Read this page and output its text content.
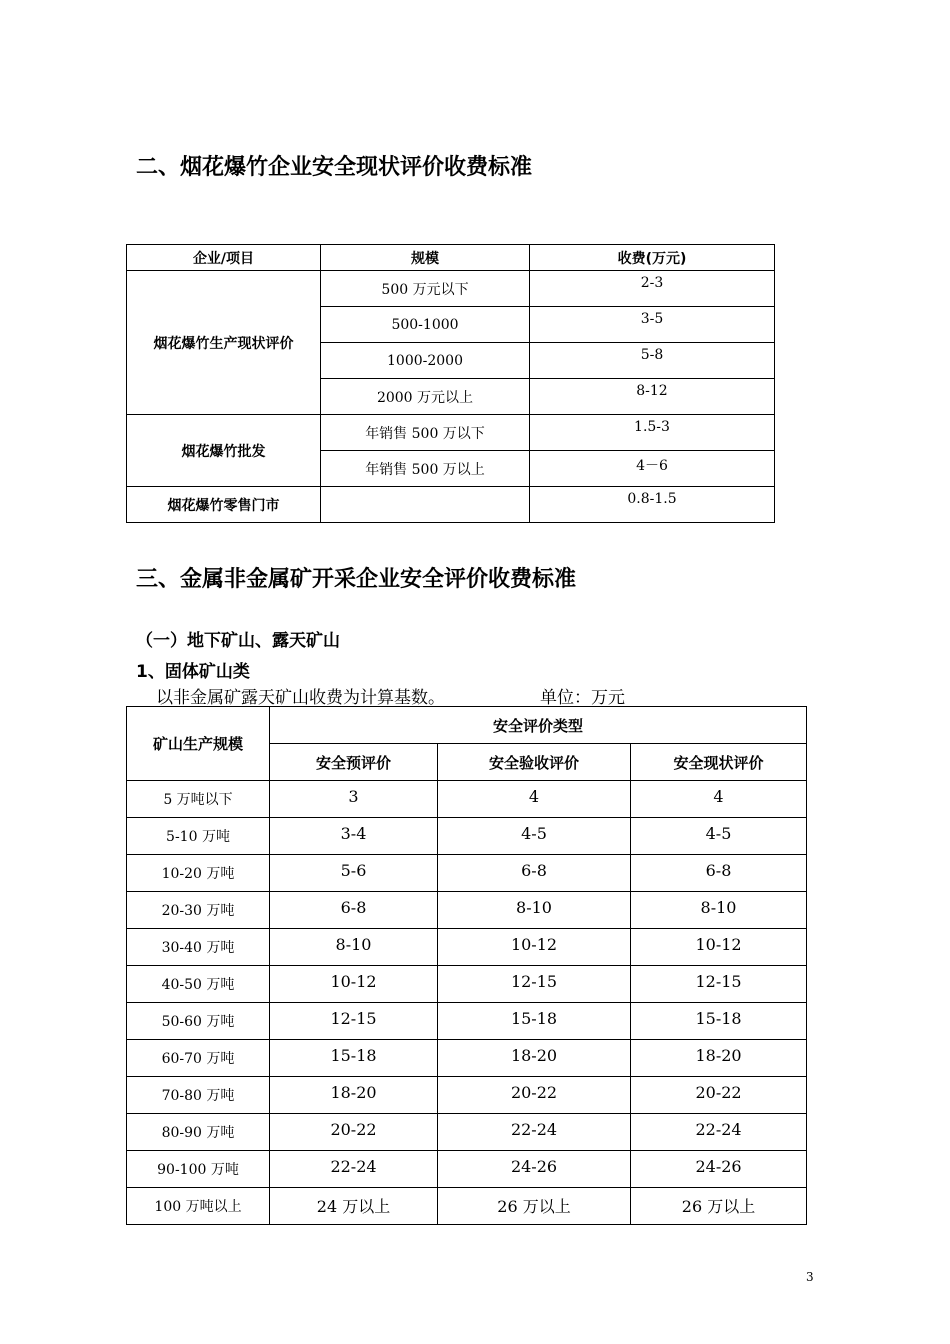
二、烟花爆竹企业安全现状评价收费标准
企业/项目	规模	收费(万元)
烟花爆竹生产现状评价	500 万元以下	2-3
	500-1000	3-5
	1000-2000	5-8
	2000 万元以上	8-12
烟花爆竹批发	年销售 500 万以下	1.5-3
	年销售 500 万以上	4－6
烟花爆竹零售门市		0.8-1.5
三、金属非金属矿开采企业安全评价收费标准
（一）地下矿山、露天矿山
1、固体矿山类
以非金属矿露天矿山收费为计算基数。	单位：万元
矿山生产规模	安全评价类型		
	安全预评价	安全验收评价	安全现状评价
5 万吨以下	3	4	4
5-10 万吨	3-4	4-5	4-5
10-20 万吨	5-6	6-8	6-8
20-30 万吨	6-8	8-10	8-10
30-40 万吨	8-10	10-12	10-12
40-50 万吨	10-12	12-15	12-15
50-60 万吨	12-15	15-18	15-18
60-70 万吨	15-18	18-20	18-20
70-80 万吨	18-20	20-22	20-22
80-90 万吨	20-22	22-24	22-24
90-100 万吨	22-24	24-26	24-26
100 万吨以上	24 万以上	26 万以上	26 万以上
3
